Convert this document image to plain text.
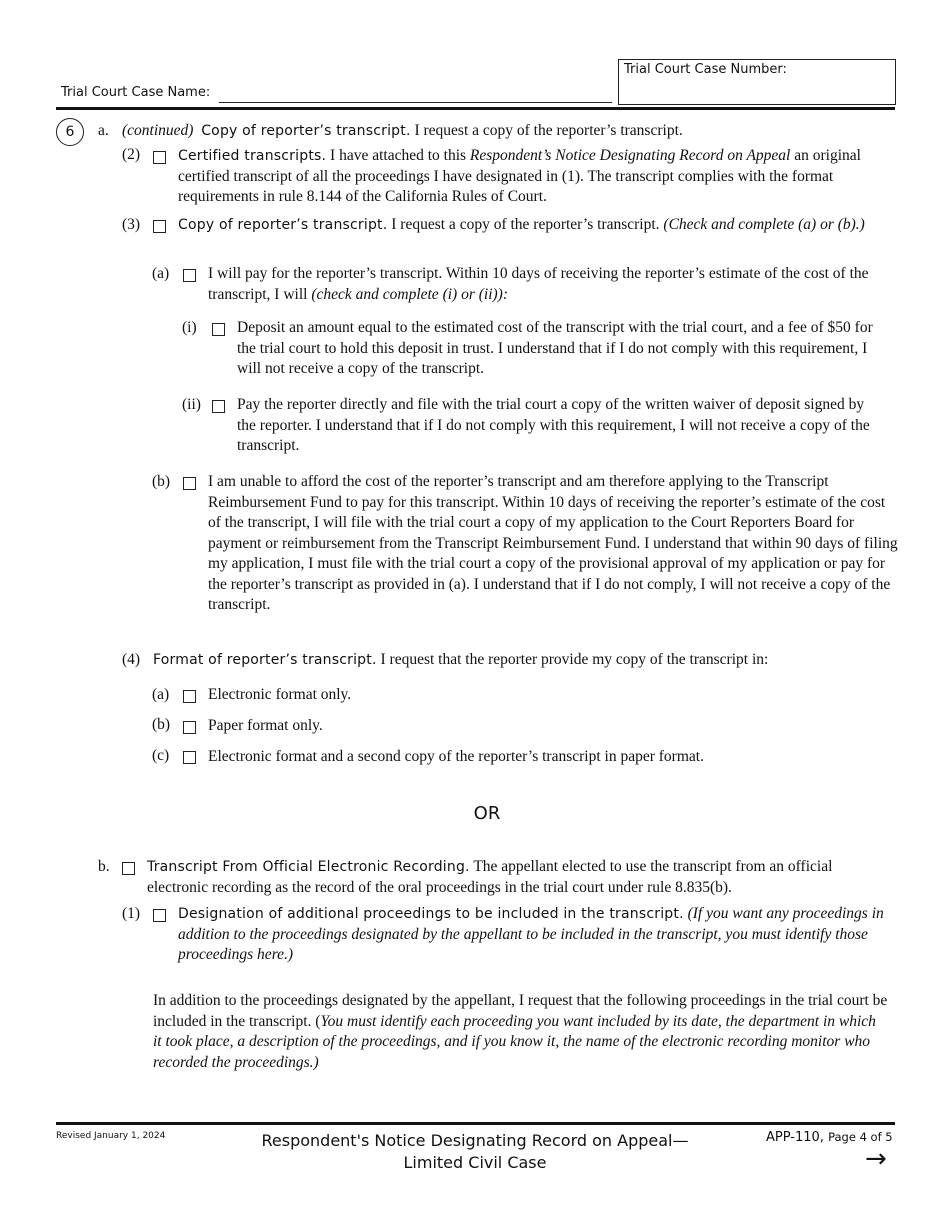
Trial Court Case Name:
Trial Court Case Number:
6	a. (continued) Copy of reporter’s transcript. I request a copy of the reporter’s transcript.
(2)	Certified transcripts. I have attached to this Respondent’s Notice Designating Record on Appeal an original certified transcript of all the proceedings I have designated in (1). The transcript complies with the format requirements in rule 8.144 of the California Rules of Court.
(3)	Copy of reporter’s transcript. I request a copy of the reporter’s transcript. (Check and complete (a) or (b).)
(a)	I will pay for the reporter’s transcript. Within 10 days of receiving the reporter’s estimate of the cost of the transcript, I will (check and complete (i) or (ii)):
(i)	Deposit an amount equal to the estimated cost of the transcript with the trial court, and a fee of $50 for the trial court to hold this deposit in trust. I understand that if I do not comply with this requirement, I will not receive a copy of the transcript.
(ii) Pay the reporter directly and file with the trial court a copy of the written waiver of deposit signed by the reporter. I understand that if I do not comply with this requirement, I will not receive a copy of the transcript.
(b) I am unable to afford the cost of the reporter’s transcript and am therefore applying to the Transcript Reimbursement Fund to pay for this transcript. Within 10 days of receiving the reporter’s estimate of the cost of the transcript, I will file with the trial court a copy of my application to the Court Reporters Board for payment or reimbursement from the Transcript Reimbursement Fund. I understand that within 90 days of filing my application, I must file with the trial court a copy of the provisional approval of my application or pay for the reporter’s transcript as provided in (a). I understand that if I do not comply, I will not receive a copy of the transcript.
(4) Format of reporter’s transcript. I request that the reporter provide my copy of the transcript in:
(a)	Electronic format only.
(b) Paper format only.
(c)	Electronic format and a second copy of the reporter’s transcript in paper format.
OR
b.	Transcript From Official Electronic Recording. The appellant elected to use the transcript from an official electronic recording as the record of the oral proceedings in the trial court under rule 8.835(b).
(1)	Designation of additional proceedings to be included in the transcript. (If you want any proceedings in addition to the proceedings designated by the appellant to be included in the transcript, you must identify those proceedings here.)
In addition to the proceedings designated by the appellant, I request that the following proceedings in the trial court be included in the transcript. (You must identify each proceeding you want included by its date, the department in which it took place, a description of the proceedings, and if you know it, the name of the electronic recording monitor who recorded the proceedings.)
Revised January 1, 2024	Respondent's Notice Designating Record on Appeal—
Limited Civil Case
APP-110, Page 4 of 5
→
